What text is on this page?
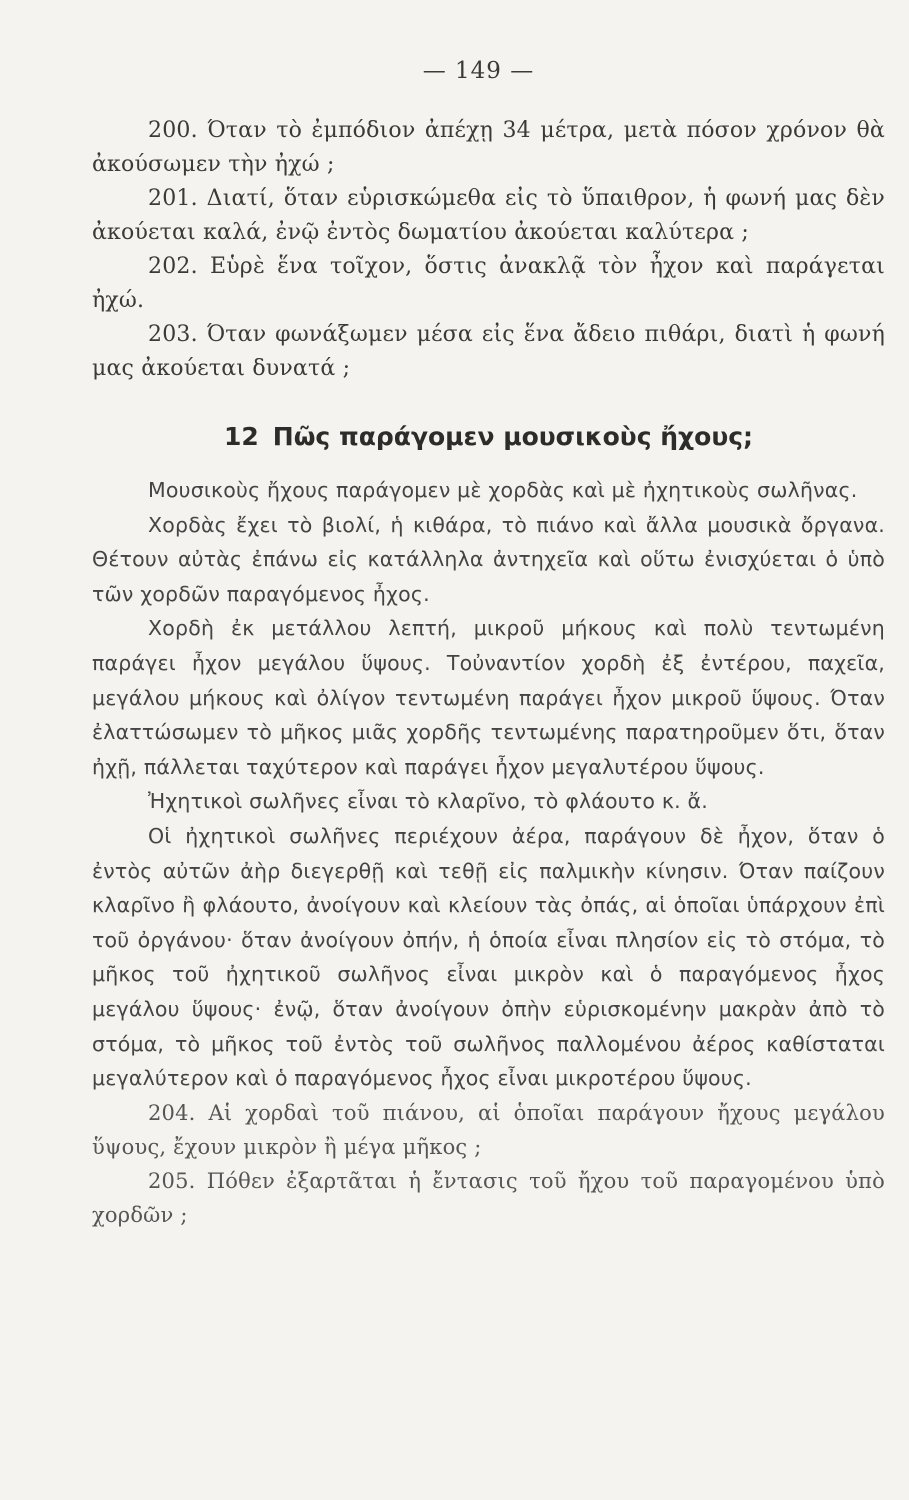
— 149 —

200. Όταν τὸ ἐμπόδιον ἀπέχῃ 34 μέτρα, μετὰ πόσον χρόνον θὰ ἀκούσωμεν τὴν ἠχώ ;

201. Διατί, ὅταν εὑρισκώμεθα εἰς τὸ ὕπαιθρον, ἡ φωνή μας δὲν ἀκούεται καλά, ἐνῷ ἐντὸς δωματίου ἀκούεται καλύτερα ;

202. Εὑρὲ ἕνα τοῖχον, ὅστις ἀνακλᾷ τὸν ἦχον καὶ παράγεται ἠχώ.

203. Όταν φωνάξωμεν μέσα εἰς ἕνα ἄδειο πιθάρι, διατὶ ἡ φωνή μας ἀκούεται δυνατά ;

12 Πῶς παράγομεν μουσικοὺς ἤχους;

Μουσικοὺς ἤχους παράγομεν μὲ χορδὰς καὶ μὲ ἠχητικοὺς σωλῆνας.

Χορδὰς ἔχει τὸ βιολί, ἡ κιθάρα, τὸ πιάνο καὶ ἄλλα μουσικὰ ὄργανα. Θέτουν αὐτὰς ἐπάνω εἰς κατάλληλα ἀντηχεῖα καὶ οὕτω ἐνισχύεται ὁ ὑπὸ τῶν χορδῶν παραγόμενος ἦχος.

Χορδὴ ἐκ μετάλλου λεπτή, μικροῦ μήκους καὶ πολὺ τεντωμένη παράγει ἦχον μεγάλου ὕψους. Τοὐναντίον χορδὴ ἐξ ἐντέρου, παχεῖα, μεγάλου μήκους καὶ ὀλίγον τεντωμένη παράγει ἦχον μικροῦ ὕψους. Όταν ἐλαττώσωμεν τὸ μῆκος μιᾶς χορδῆς τεντωμένης παρατηροῦμεν ὅτι, ὅταν ἠχῇ, πάλλεται ταχύτερον καὶ παράγει ἦχον μεγαλυτέρου ὕψους.

Ἠχητικοὶ σωλῆνες εἶναι τὸ κλαρῖνο, τὸ φλάουτο κ. ἄ.

Οἱ ἠχητικοὶ σωλῆνες περιέχουν ἀέρα, παράγουν δὲ ἦχον, ὅταν ὁ ἐντὸς αὐτῶν ἀὴρ διεγερθῇ καὶ τεθῇ εἰς παλμικὴν κίνησιν. Όταν παίζουν κλαρῖνο ἢ φλάουτο, ἀνοίγουν καὶ κλείουν τὰς ὀπάς, αἱ ὁποῖαι ὑπάρχουν ἐπὶ τοῦ ὀργάνου· ὅταν ἀνοίγουν ὀπήν, ἡ ὁποία εἶναι πλησίον εἰς τὸ στόμα, τὸ μῆκος τοῦ ἠχητικοῦ σωλῆνος εἶναι μικρὸν καὶ ὁ παραγόμενος ἦχος μεγάλου ὕψους· ἐνῷ, ὅταν ἀνοίγουν ὀπὴν εὑρισκομένην μακρὰν ἀπὸ τὸ στόμα, τὸ μῆκος τοῦ ἐντὸς τοῦ σωλῆνος παλλομένου ἀέρος καθίσταται μεγαλύτερον καὶ ὁ παραγόμενος ἦχος εἶναι μικροτέρου ὕψους.

204. Αἱ χορδαὶ τοῦ πιάνου, αἱ ὁποῖαι παράγουν ἤχους μεγάλου ὕψους, ἔχουν μικρὸν ἢ μέγα μῆκος ;

205. Πόθεν ἐξαρτᾶται ἡ ἔντασις τοῦ ἤχου τοῦ παραγομένου ὑπὸ χορδῶν ;
